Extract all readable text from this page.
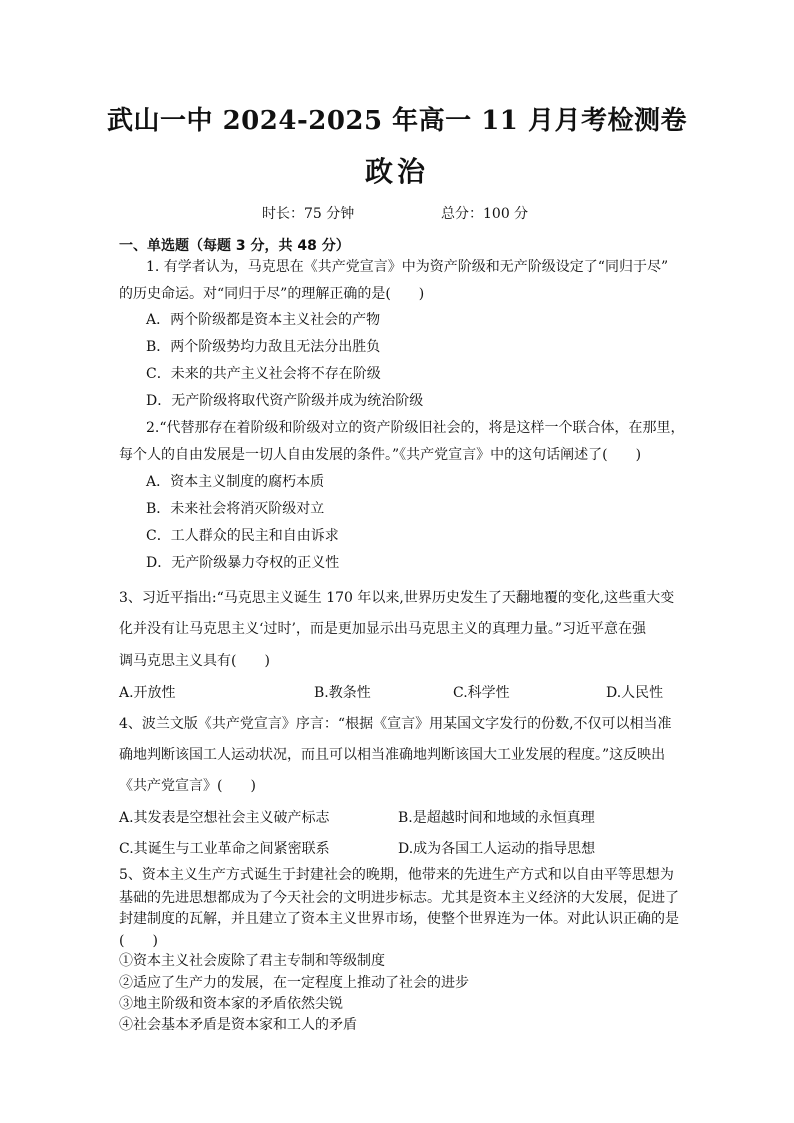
武山一中 2024-2025 年高一 11 月月考检测卷
政治
时长：75 分钟	总分：100 分
一、单选题（每题 3 分，共 48 分）
1. 有学者认为，马克思在《共产党宣言》中为资产阶级和无产阶级设定了“同归于尽”
的历史命运。对“同归于尽”的理解正确的是(　　)
A．两个阶级都是资本主义社会的产物
B．两个阶级势均力敌且无法分出胜负
C．未来的共产主义社会将不存在阶级
D．无产阶级将取代资产阶级并成为统治阶级
2.“代替那存在着阶级和阶级对立的资产阶级旧社会的，将是这样一个联合体，在那里，
每个人的自由发展是一切人自由发展的条件。”《共产党宣言》中的这句话阐述了(　　)
A．资本主义制度的腐朽本质
B．未来社会将消灭阶级对立
C．工人群众的民主和自由诉求
D．无产阶级暴力夺权的正义性
3、习近平指出:“马克思主义诞生 170 年以来,世界历史发生了天翻地覆的变化,这些重大变
化并没有让马克思主义‘过时’，而是更加显示出马克思主义的真理力量。”习近平意在强
调马克思主义具有(　　)
A.开放性	B.教条性	C.科学性	D.人民性
4、波兰文版《共产党宣言》序言：“根据《宣言》用某国文字发行的份数,不仅可以相当准
确地判断该国工人运动状况，而且可以相当准确地判断该国大工业发展的程度。”这反映出
《共产党宣言》(　　)
A.其发表是空想社会主义破产标志	B.是超越时间和地域的永恒真理
C.其诞生与工业革命之间紧密联系	D.成为各国工人运动的指导思想
5、资本主义生产方式诞生于封建社会的晚期，他带来的先进生产方式和以自由平等思想为
基础的先进思想都成为了今天社会的文明进步标志。尤其是资本主义经济的大发展，促进了
封建制度的瓦解，并且建立了资本主义世界市场，使整个世界连为一体。对此认识正确的是
(　　)
①资本主义社会废除了君主专制和等级制度
②适应了生产力的发展，在一定程度上推动了社会的进步
③地主阶级和资本家的矛盾依然尖锐
④社会基本矛盾是资本家和工人的矛盾
